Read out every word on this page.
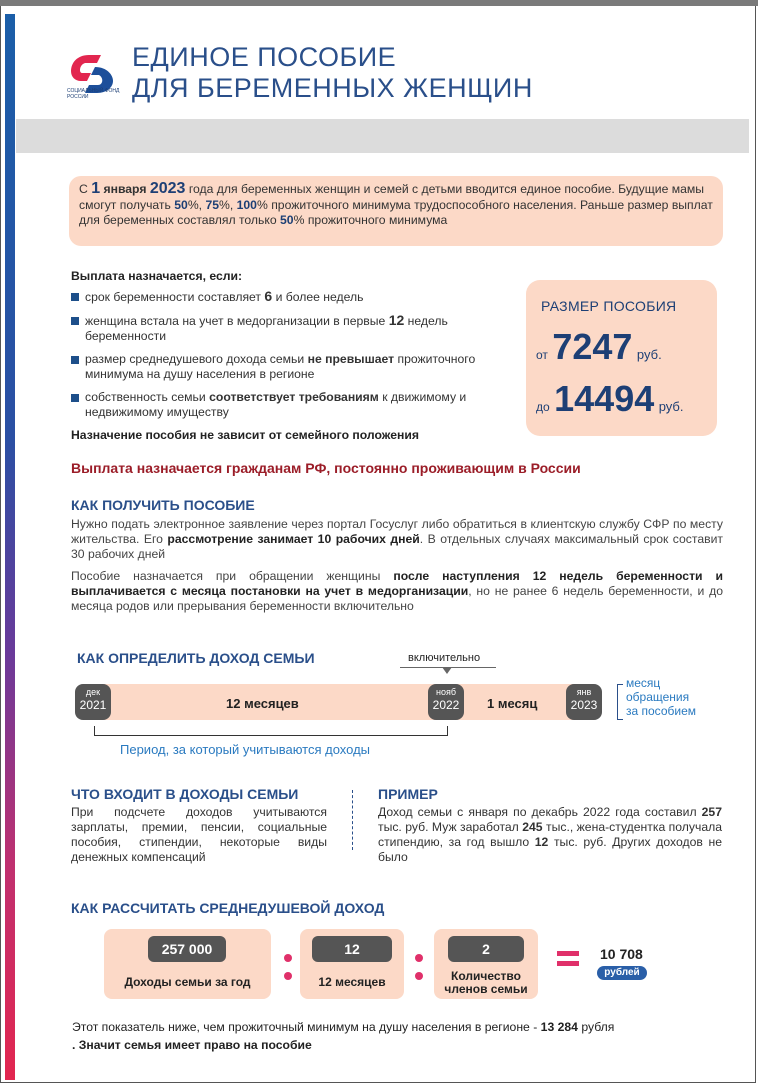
СОЦИАЛЬНЫЙ ФОНД РОССИИ
ЕДИНОЕ ПОСОБИЕ
ДЛЯ БЕРЕМЕННЫХ ЖЕНЩИН
С 1 января 2023 года для беременных женщин и семей с детьми вводится единое пособие. Будущие мамы смогут получать 50%, 75%, 100% прожиточного минимума трудоспособного населения. Раньше размер выплат для беременных составлял только 50% прожиточного минимума
Выплата назначается, если:
срок беременности составляет 6 и более недель
женщина встала на учет в медорганизации в первые 12 недель беременности
размер среднедушевого дохода семьи не превышает прожиточного минимума на душу населения в регионе
собственность семьи соответствует требованиям к движимому и недвижимому имуществу
Назначение пособия не зависит от семейного положения
РАЗМЕР ПОСОБИЯ
от 7247 руб.
до 14494 руб.
Выплата назначается гражданам РФ, постоянно проживающим в России
КАК ПОЛУЧИТЬ ПОСОБИЕ
Нужно подать электронное заявление через портал Госуслуг либо обратиться в клиентскую службу СФР по месту жительства. Его рассмотрение занимает 10 рабочих дней. В отдельных случаях максимальный срок составит 30 рабочих дней
Пособие назначается при обращении женщины после наступления 12 недель беременности и выплачивается с месяца постановки на учет в медорганизации, но не ранее 6 недель беременности, и до месяца родов или прерывания беременности включительно
КАК ОПРЕДЕЛИТЬ ДОХОД СЕМЬИ	включительно
дек
2021	12 месяцев
нояб
2022	1 месяц
янв
2023
месяц
обращения
за пособием
Период, за который учитываются доходы
ЧТО ВХОДИТ В ДОХОДЫ СЕМЬИ
При подсчете доходов учитываются зарплаты, премии, пенсии, социальные пособия, стипендии, некоторые виды денежных компенсаций
ПРИМЕР
Доход семьи с января по декабрь 2022 года составил 257 тыс. руб. Муж заработал 245 тыс., жена-студентка получала стипендию, за год вышло 12 тыс. руб. Других доходов не было
КАК РАССЧИТАТЬ СРЕДНЕДУШЕВОЙ ДОХОД
257 000
Доходы семьи за год
12
12 месяцев
2
Количество
членов семьи
10 708
рублей
Этот показатель ниже, чем прожиточный минимум на душу населения в регионе - 13 284 рубля
. Значит семья имеет право на пособие
